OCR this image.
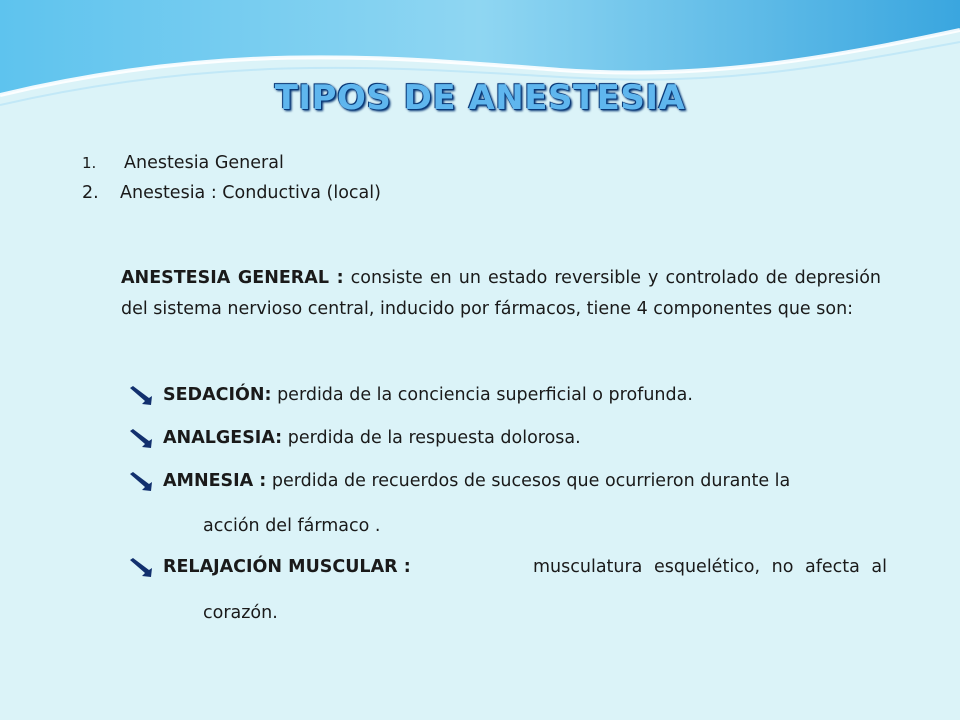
TIPOS DE ANESTESIA
1.	Anestesia General
2.	Anestesia : Conductiva (local)
ANESTESIA GENERAL : consiste en un estado reversible y controlado de depresión del sistema nervioso central, inducido por fármacos, tiene 4 componentes que son:
SEDACIÓN: perdida de la conciencia superficial o profunda.
ANALGESIA: perdida de la respuesta dolorosa.
AMNESIA : perdida de recuerdos de sucesos que ocurrieron durante la
acción del fármaco .
RELAJACIÓN MUSCULAR :	musculatura esquelético, no afecta al
corazón.
